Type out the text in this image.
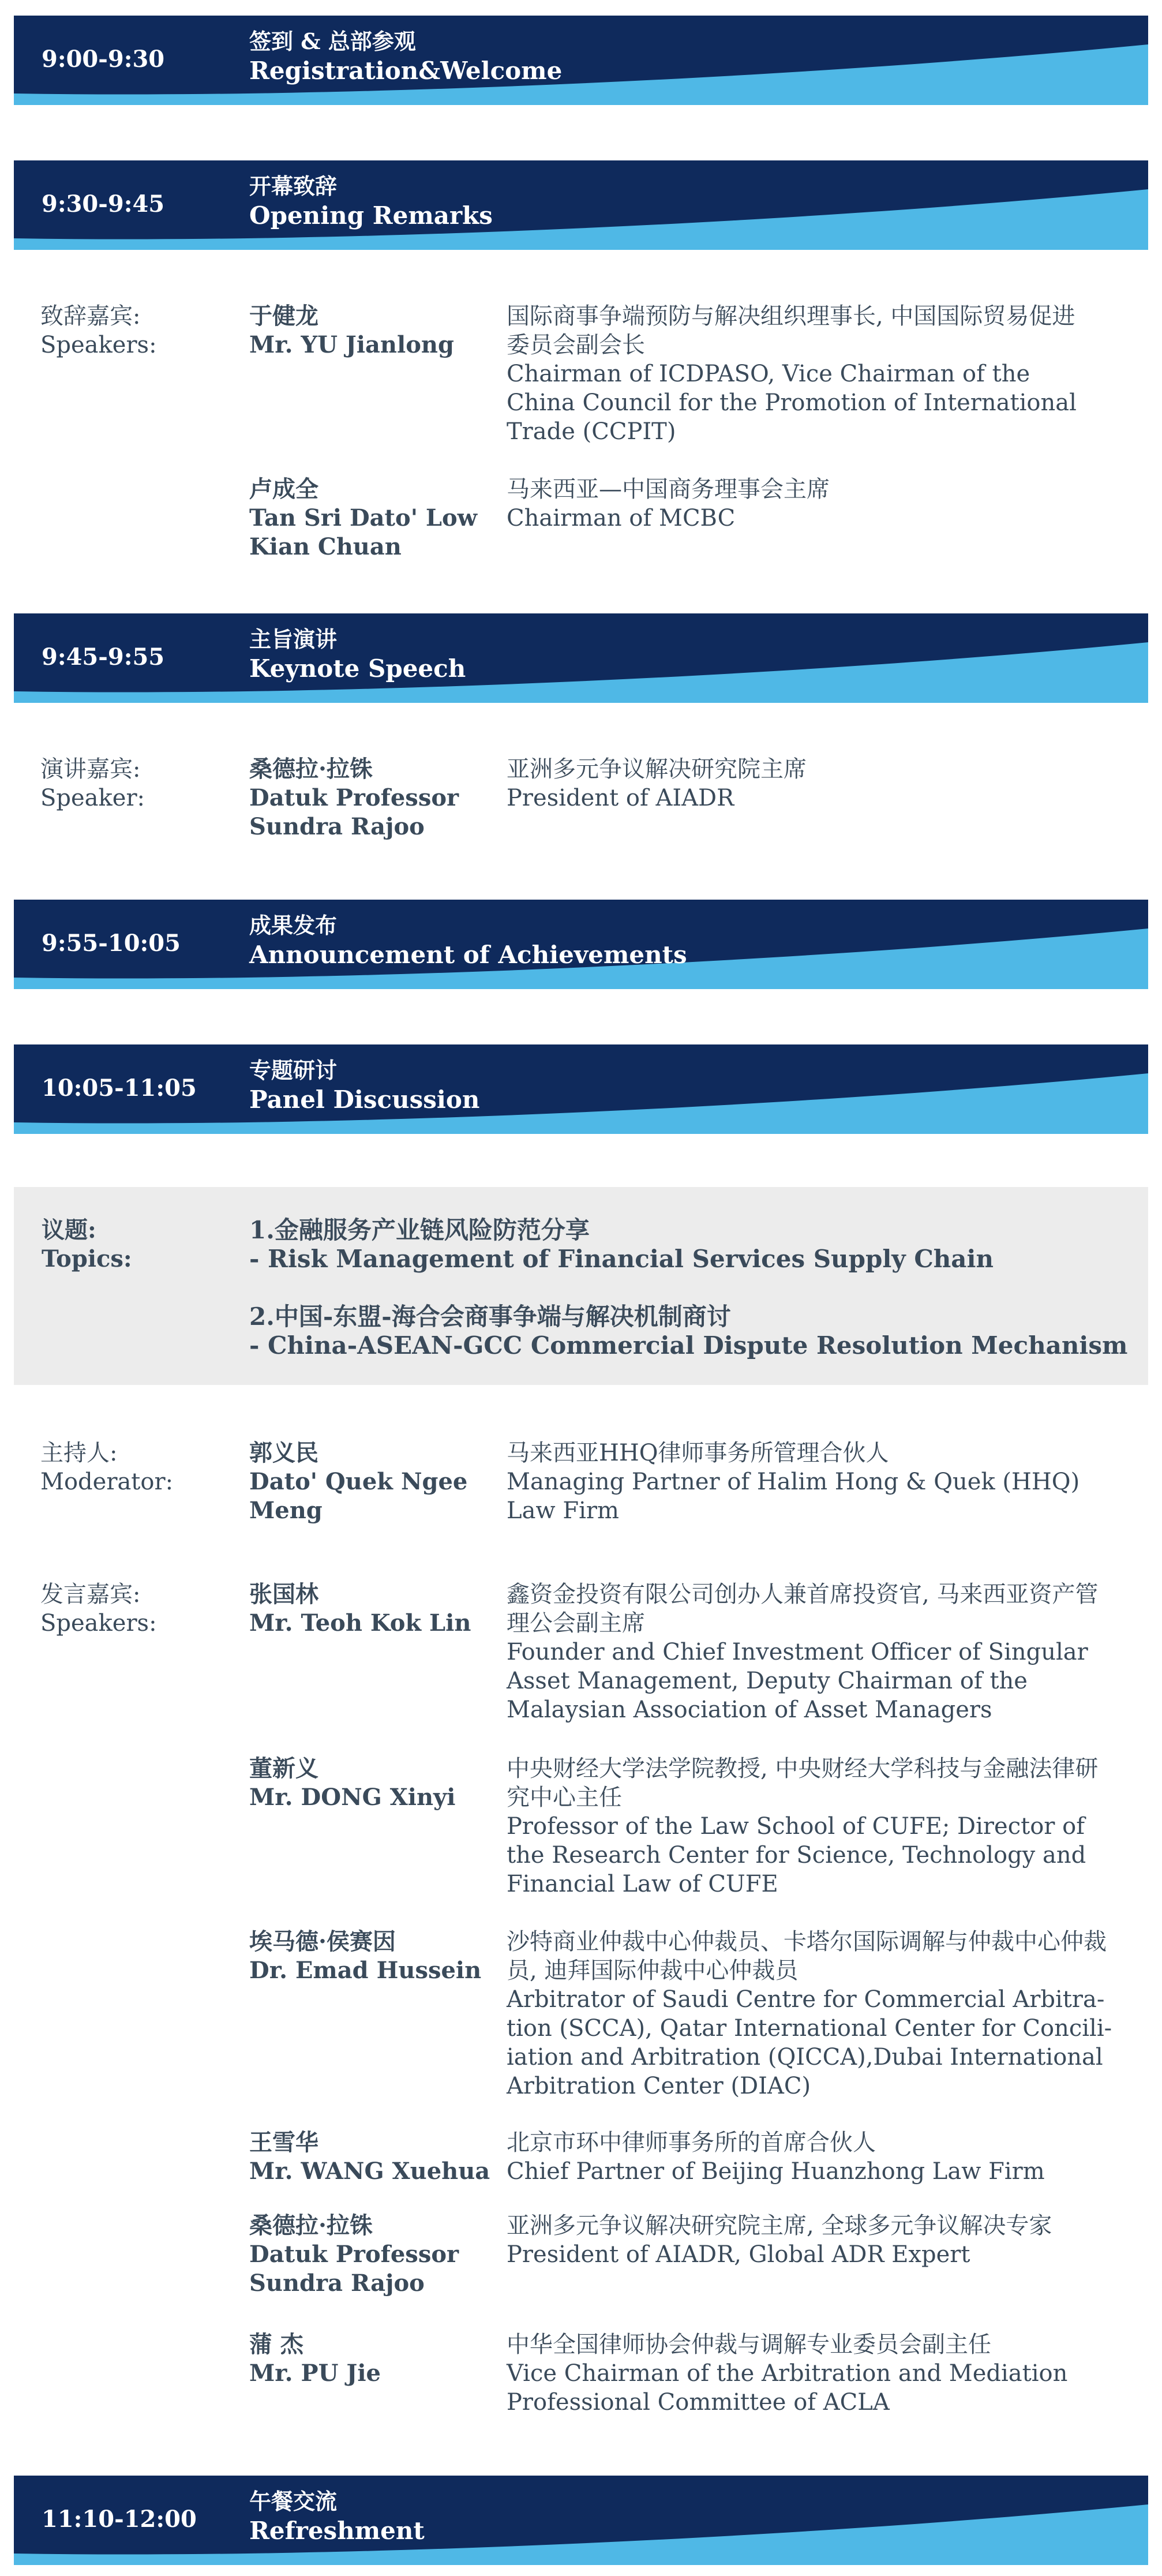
9:00-9:30
签到 & 总部参观
Registration&Welcome
9:30-9:45
开幕致辞
Opening Remarks
致辞嘉宾:
Speakers:
于健龙
Mr. YU Jianlong
国际商事争端预防与解决组织理事长, 中国国际贸易促进
委员会副会长
Chairman of ICDPASO, Vice Chairman of the
China Council for the Promotion of International
Trade (CCPIT)
卢成全
Tan Sri Dato' Low
Kian Chuan
马来西亚—中国商务理事会主席
Chairman of MCBC
9:45-9:55
主旨演讲
Keynote Speech
演讲嘉宾:
Speaker:
桑德拉·拉铢
Datuk Professor
Sundra Rajoo
亚洲多元争议解决研究院主席
President of AIADR
9:55-10:05
成果发布
Announcement of Achievements
10:05-11:05
专题研讨
Panel Discussion
议题:
Topics:
1.金融服务产业链风险防范分享
- Risk Management of Financial Services Supply Chain
2.中国-东盟-海合会商事争端与解决机制商讨
- China-ASEAN-GCC Commercial Dispute Resolution Mechanism
主持人:
Moderator:
郭义民
Dato' Quek Ngee
Meng
马来西亚HHQ律师事务所管理合伙人
Managing Partner of Halim Hong & Quek (HHQ)
Law Firm
发言嘉宾:
Speakers:
张国林
Mr. Teoh Kok Lin
鑫资金投资有限公司创办人兼首席投资官, 马来西亚资产管
理公会副主席
Founder and Chief Investment Officer of Singular
Asset Management, Deputy Chairman of the
Malaysian Association of Asset Managers
董新义
Mr. DONG Xinyi
中央财经大学法学院教授, 中央财经大学科技与金融法律研
究中心主任
Professor of the Law School of CUFE; Director of
the Research Center for Science, Technology and
Financial Law of CUFE
埃马德·侯赛因
Dr. Emad Hussein
沙特商业仲裁中心仲裁员、卡塔尔国际调解与仲裁中心仲裁
员, 迪拜国际仲裁中心仲裁员
Arbitrator of Saudi Centre for Commercial Arbitra-
tion (SCCA), Qatar International Center for Concili-
iation and Arbitration (QICCA),Dubai International
Arbitration Center (DIAC)
王雪华
Mr. WANG Xuehua
北京市环中律师事务所的首席合伙人
Chief Partner of Beijing Huanzhong Law Firm
桑德拉·拉铢
Datuk Professor
Sundra Rajoo
亚洲多元争议解决研究院主席, 全球多元争议解决专家
President of AIADR, Global ADR Expert
蒲 杰
Mr. PU Jie
中华全国律师协会仲裁与调解专业委员会副主任
Vice Chairman of the Arbitration and Mediation
Professional Committee of ACLA
11:10-12:00
午餐交流
Refreshment
